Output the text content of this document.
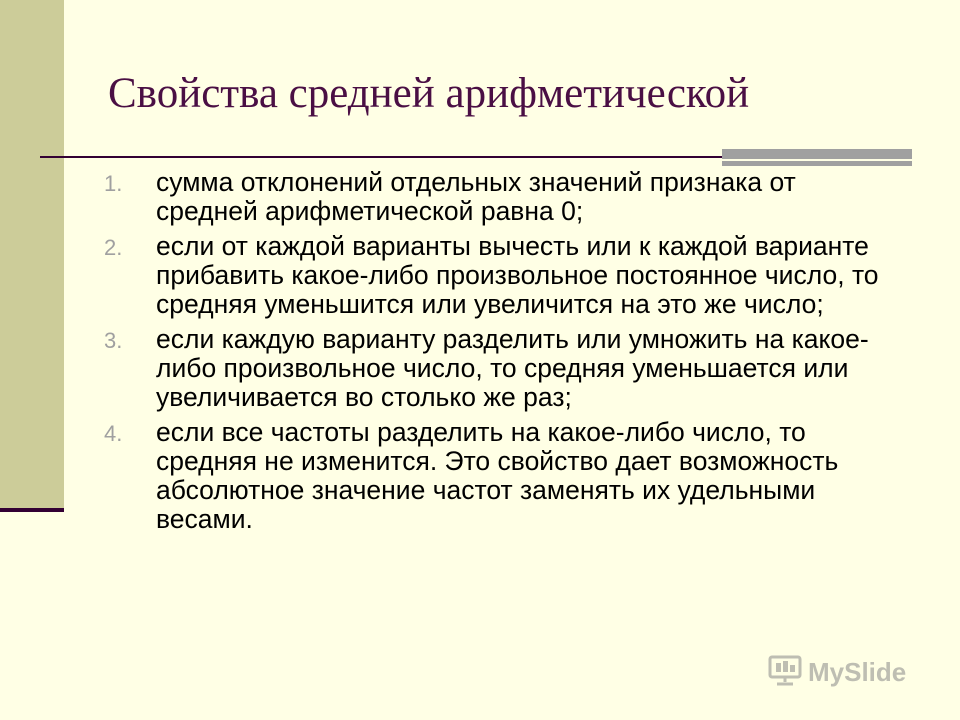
Свойства средней арифметической
1. сумма отклонений отдельных значений признака от средней арифметической равна 0;
2. если от каждой варианты вычесть или к каждой варианте прибавить какое-либо произвольное постоянное число, то средняя уменьшится или увеличится на это же число;
3. если каждую варианту разделить или умножить на какое-либо произвольное число, то средняя уменьшается или увеличивается во столько же раз;
4. если все частоты разделить на какое-либо число, то средняя не изменится. Это свойство дает возможность абсолютное значение частот заменять их удельными весами.
MySlide
